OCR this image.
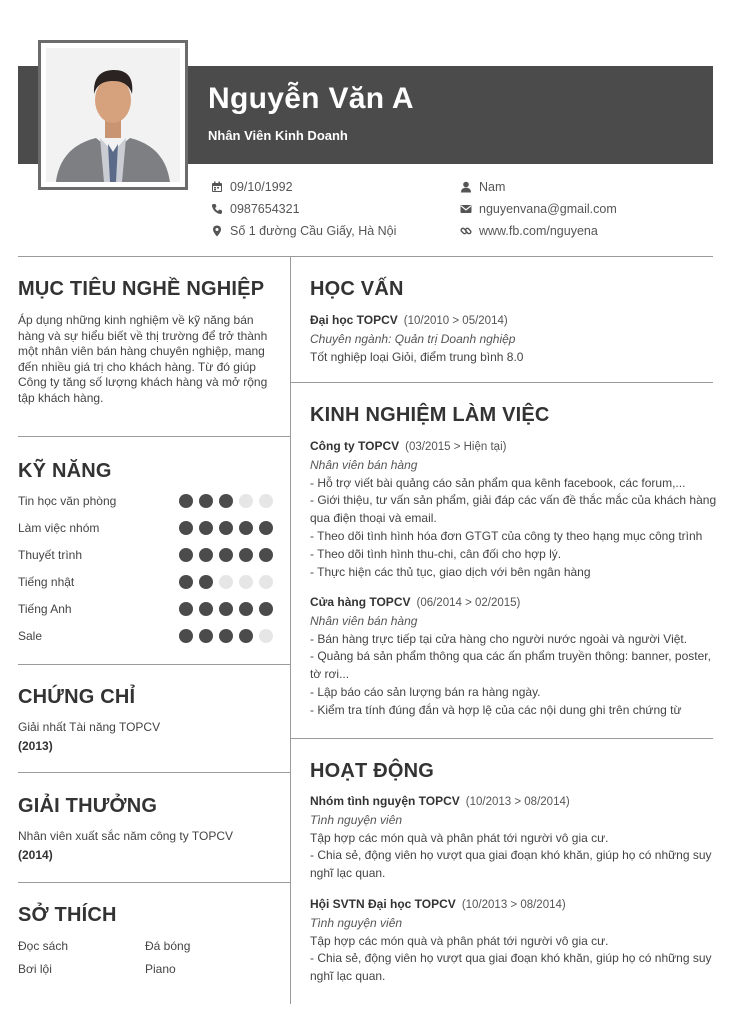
Nguyễn Văn A
Nhân Viên Kinh Doanh
09/10/1992
0987654321
Số 1 đường Cầu Giấy, Hà Nội
Nam
nguyenvana@gmail.com
www.fb.com/nguyena
MỤC TIÊU NGHỀ NGHIỆP
Áp dụng những kinh nghiệm về kỹ năng bán hàng và sự hiểu biết về thị trường để trở thành một nhân viên bán hàng chuyên nghiệp, mang đến nhiều giá trị cho khách hàng. Từ đó giúp Công ty tăng số lượng khách hàng và mở rộng tập khách hàng.
KỸ NĂNG
Tin học văn phòng
Làm việc nhóm
Thuyết trình
Tiếng nhật
Tiếng Anh
Sale
CHỨNG CHỈ
Giải nhất Tài năng TOPCV
(2013)
GIẢI THƯỞNG
Nhân viên xuất sắc năm công ty TOPCV
(2014)
SỞ THÍCH
Đọc sách	Đá bóng
Bơi lội	Piano
HỌC VẤN
Đại học TOPCV (10/2010 > 05/2014)
Chuyên ngành: Quản trị Doanh nghiệp
Tốt nghiệp loại Giỏi, điểm trung bình 8.0
KINH NGHIỆM LÀM VIỆC
Công ty TOPCV (03/2015 > Hiện tại)
Nhân viên bán hàng
- Hỗ trợ viết bài quảng cáo sản phẩm qua kênh facebook, các forum,...
- Giới thiệu, tư vấn sản phẩm, giải đáp các vấn đề thắc mắc của khách hàng qua điện thoại và email.
- Theo dõi tình hình hóa đơn GTGT của công ty theo hạng mục công trình
- Theo dõi tình hình thu-chi, cân đối cho hợp lý.
- Thực hiện các thủ tục, giao dịch với bên ngân hàng
Cửa hàng TOPCV (06/2014 > 02/2015)
Nhân viên bán hàng
- Bán hàng trực tiếp tại cửa hàng cho người nước ngoài và người Việt.
- Quảng bá sản phẩm thông qua các ấn phẩm truyền thông: banner, poster, tờ rơi...
- Lập báo cáo sản lượng bán ra hàng ngày.
- Kiểm tra tính đúng đắn và hợp lệ của các nội dung ghi trên chứng từ
HOẠT ĐỘNG
Nhóm tình nguyện TOPCV (10/2013 > 08/2014)
Tình nguyện viên
Tập hợp các món quà và phân phát tới người vô gia cư.
- Chia sẻ, động viên họ vượt qua giai đoạn khó khăn, giúp họ có những suy nghĩ lạc quan.
Hội SVTN Đại học TOPCV (10/2013 > 08/2014)
Tình nguyện viên
Tập hợp các món quà và phân phát tới người vô gia cư.
- Chia sẻ, động viên họ vượt qua giai đoạn khó khăn, giúp họ có những suy nghĩ lạc quan.
